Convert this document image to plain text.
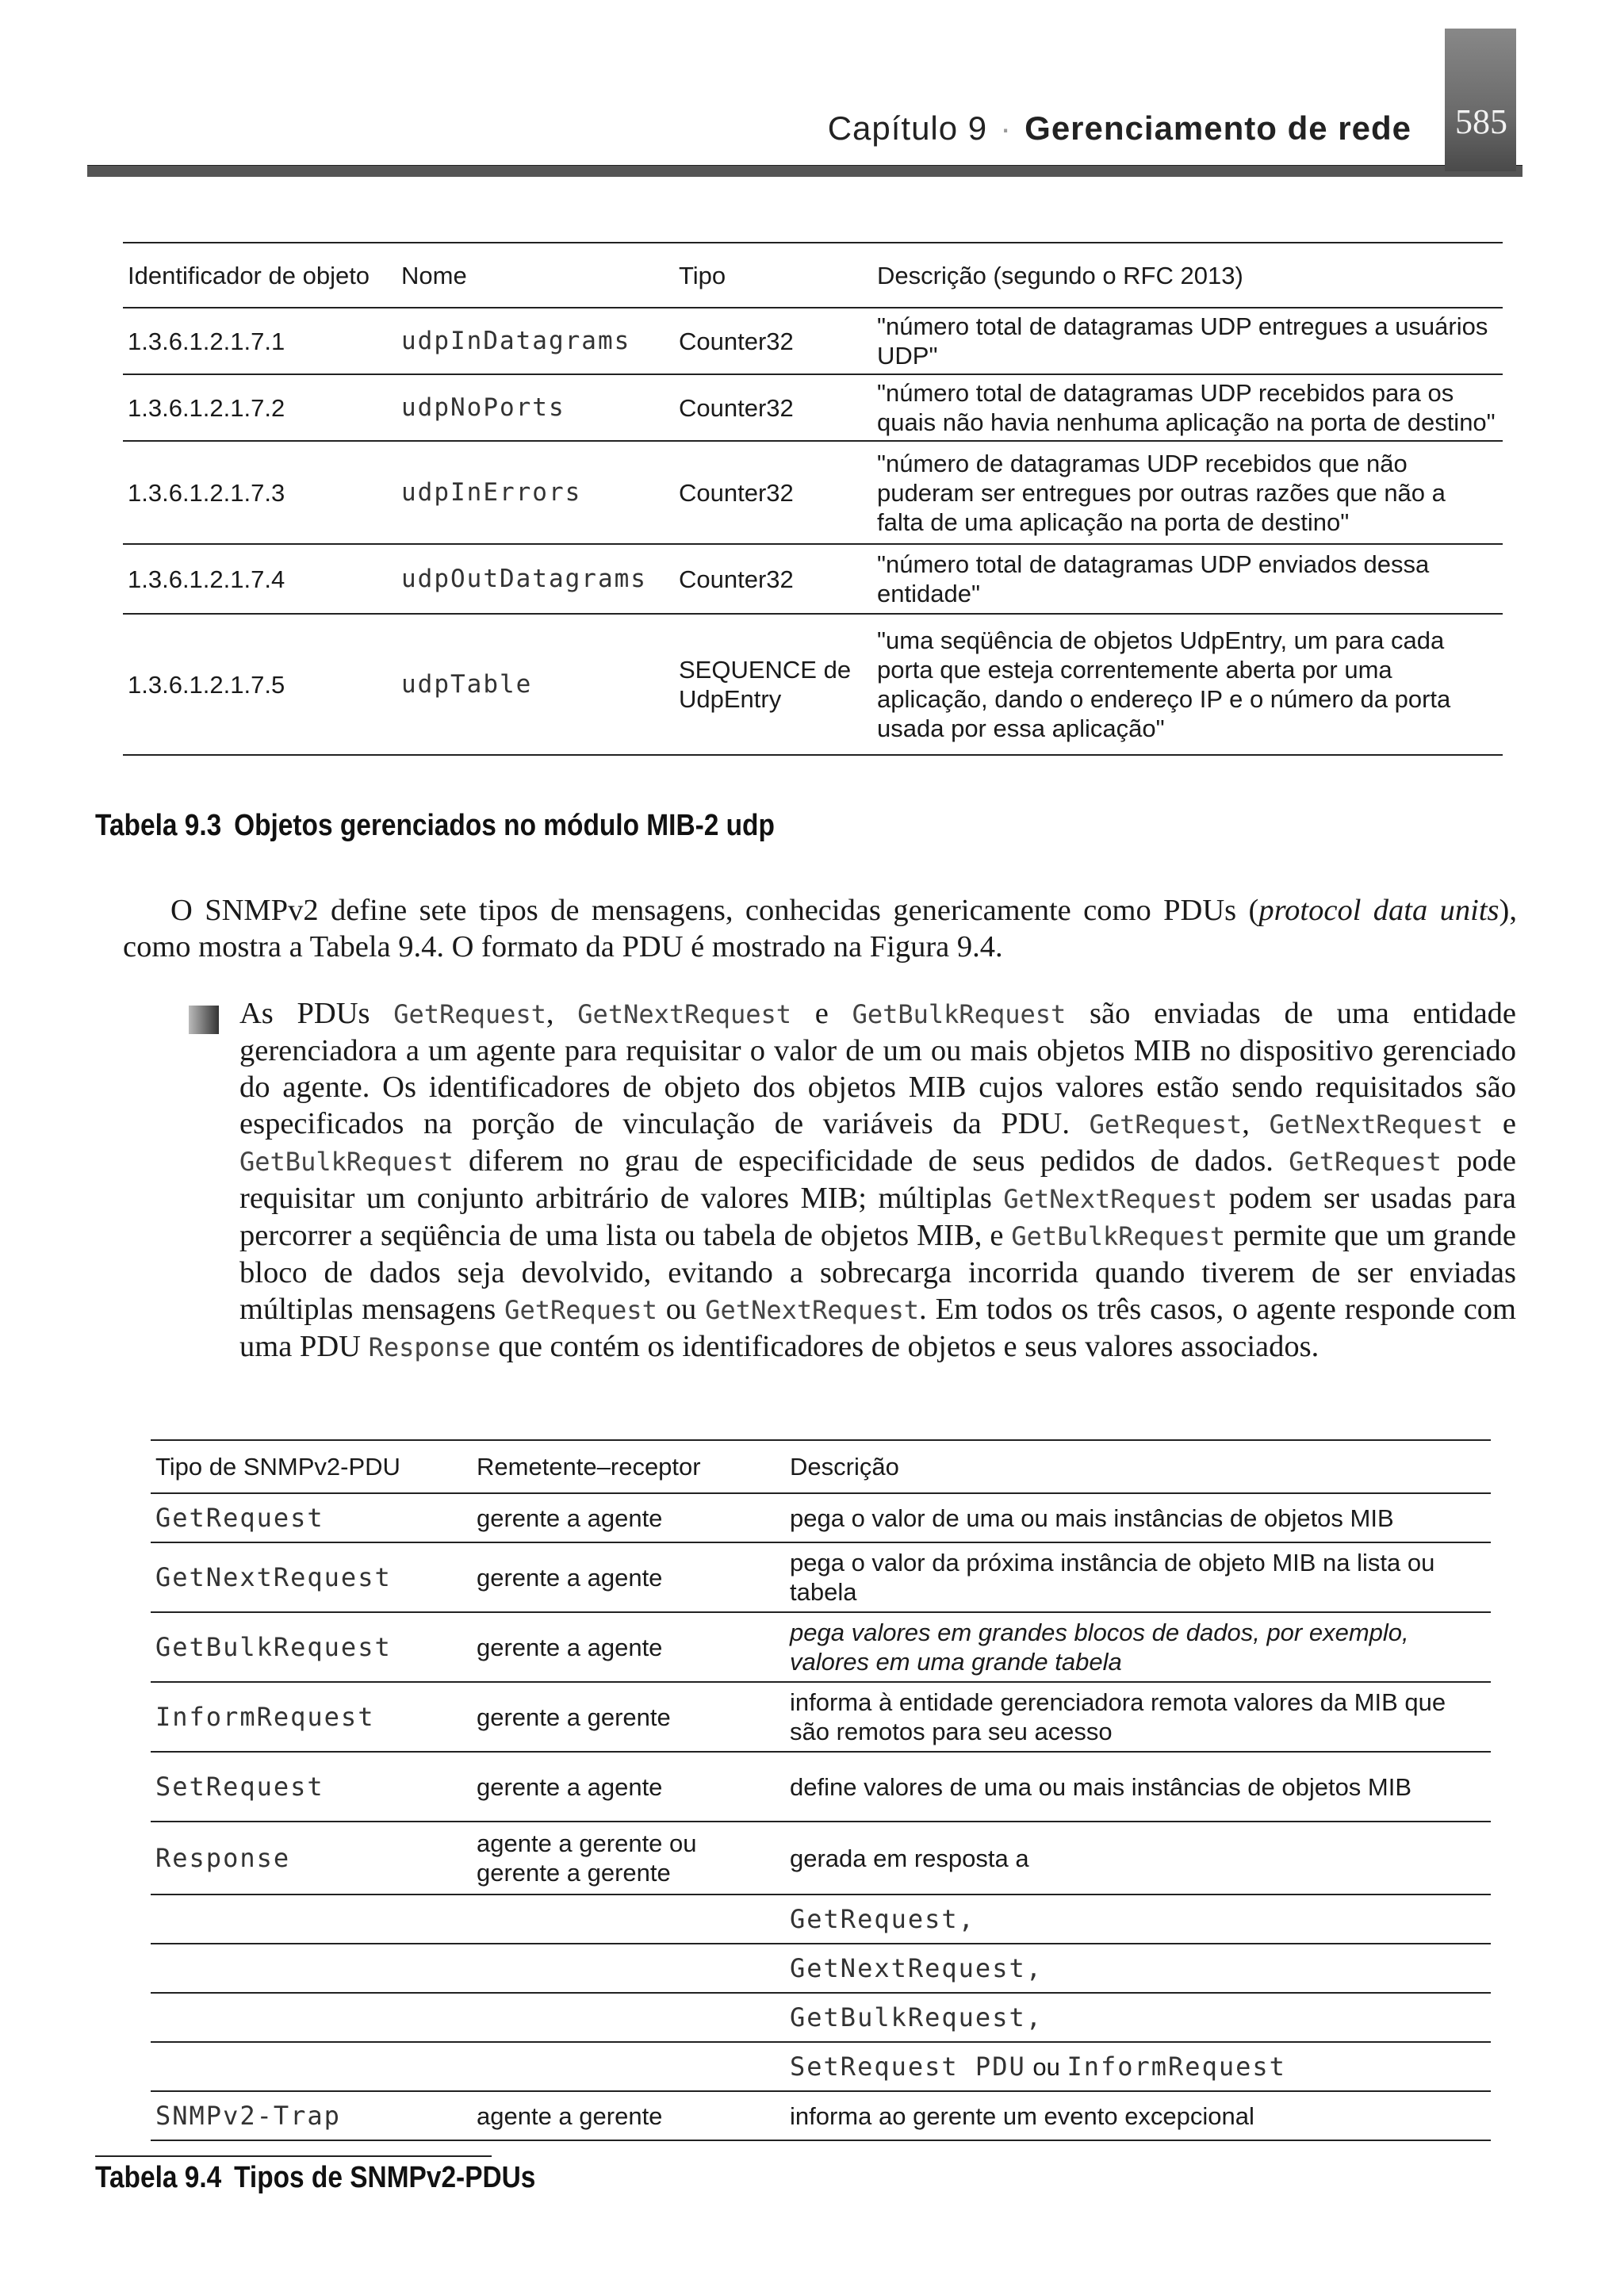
Capítulo 9 · Gerenciamento de rede 585
Identificador de objeto	Nome	Tipo	Descrição (segundo o RFC 2013)
1.3.6.1.2.1.7.1	udpInDatagrams	Counter32	"número total de datagramas UDP entregues a usuários UDP"
1.3.6.1.2.1.7.2	udpNoPorts	Counter32	"número total de datagramas UDP recebidos para os quais não havia nenhuma aplicação na porta de destino"
1.3.6.1.2.1.7.3	udpInErrors	Counter32	"número de datagramas UDP recebidos que não puderam ser entregues por outras razões que não a falta de uma aplicação na porta de destino"
1.3.6.1.2.1.7.4	udpOutDatagrams	Counter32	"número total de datagramas UDP enviados dessa entidade"
1.3.6.1.2.1.7.5	udpTable	SEQUENCE de UdpEntry	"uma seqüência de objetos UdpEntry, um para cada porta que esteja correntemente aberta por uma aplicação, dando o endereço IP e o número da porta usada por essa aplicação"
Tabela 9.3 Objetos gerenciados no módulo MIB-2 udp
O SNMPv2 define sete tipos de mensagens, conhecidas genericamente como PDUs (protocol data units), como mostra a Tabela 9.4. O formato da PDU é mostrado na Figura 9.4.
As PDUs GetRequest, GetNextRequest e GetBulkRequest são enviadas de uma entidade gerenciadora a um agente para requisitar o valor de um ou mais objetos MIB no dispositivo gerenciado do agente. Os identificadores de objeto dos objetos MIB cujos valores estão sendo requisitados são especificados na porção de vinculação de variáveis da PDU. GetRequest, GetNextRequest e GetBulkRequest diferem no grau de especificidade de seus pedidos de dados. GetRequest pode requisitar um conjunto arbitrário de valores MIB; múltiplas GetNextRequest podem ser usadas para percorrer a seqüência de uma lista ou tabela de objetos MIB, e GetBulkRequest permite que um grande bloco de dados seja devolvido, evitando a sobrecarga incorrida quando tiverem de ser enviadas múltiplas mensagens GetRequest ou GetNextRequest. Em todos os três casos, o agente responde com uma PDU Response que contém os identificadores de objetos e seus valores associados.
Tipo de SNMPv2-PDU	Remetente–receptor	Descrição
GetRequest	gerente a agente	pega o valor de uma ou mais instâncias de objetos MIB
GetNextRequest	gerente a agente	pega o valor da próxima instância de objeto MIB na lista ou tabela
GetBulkRequest	gerente a agente	pega valores em grandes blocos de dados, por exemplo, valores em uma grande tabela
InformRequest	gerente a gerente	informa à entidade gerenciadora remota valores da MIB que são remotos para seu acesso
SetRequest	gerente a agente	define valores de uma ou mais instâncias de objetos MIB
Response	agente a gerente ou gerente a gerente	gerada em resposta a
		GetRequest,
		GetNextRequest,
		GetBulkRequest,
		SetRequest PDU ou InformRequest
SNMPv2-Trap	agente a gerente	informa ao gerente um evento excepcional
Tabela 9.4 Tipos de SNMPv2-PDUs
